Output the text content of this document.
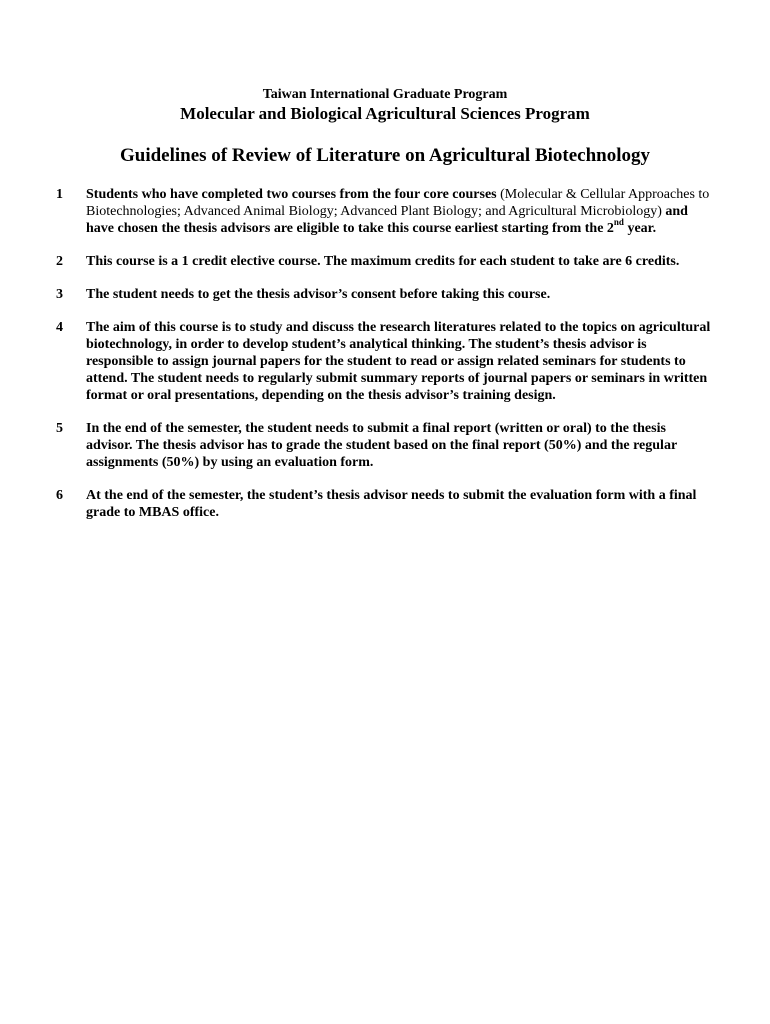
Taiwan International Graduate Program
Molecular and Biological Agricultural Sciences Program
Guidelines of Review of Literature on Agricultural Biotechnology
1	Students who have completed two courses from the four core courses (Molecular & Cellular Approaches to Biotechnologies; Advanced Animal Biology; Advanced Plant Biology; and Agricultural Microbiology) and have chosen the thesis advisors are eligible to take this course earliest starting from the 2nd year.
2	This course is a 1 credit elective course. The maximum credits for each student to take are 6 credits.
3	The student needs to get the thesis advisor’s consent before taking this course.
4	The aim of this course is to study and discuss the research literatures related to the topics on agricultural biotechnology, in order to develop student’s analytical thinking. The student’s thesis advisor is responsible to assign journal papers for the student to read or assign related seminars for students to attend. The student needs to regularly submit summary reports of journal papers or seminars in written format or oral presentations, depending on the thesis advisor’s training design.
5	In the end of the semester, the student needs to submit a final report (written or oral) to the thesis advisor. The thesis advisor has to grade the student based on the final report (50%) and the regular assignments (50%) by using an evaluation form.
6	At the end of the semester, the student’s thesis advisor needs to submit the evaluation form with a final grade to MBAS office.
